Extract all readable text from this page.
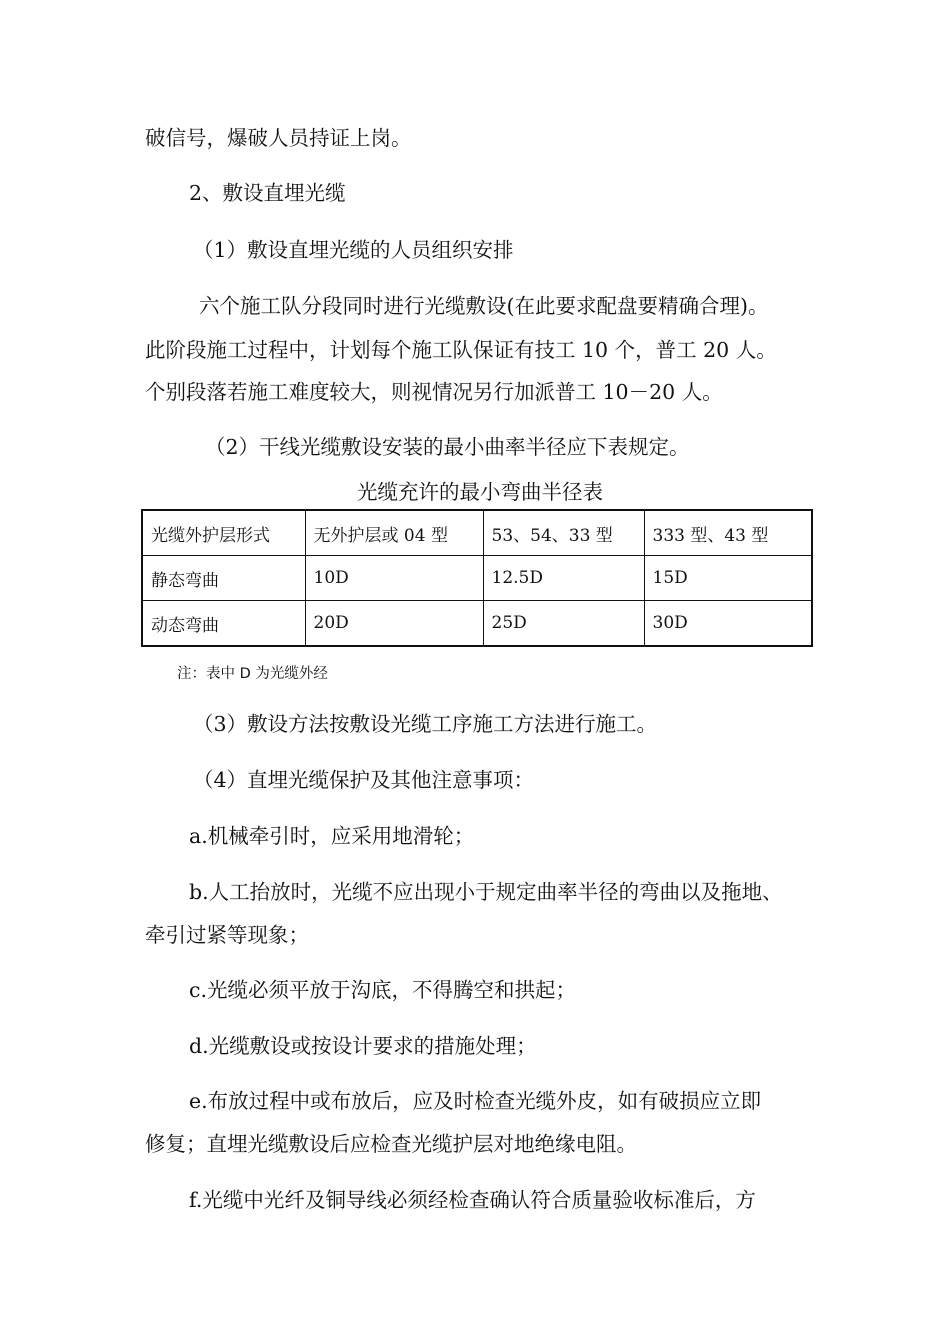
破信号，爆破人员持证上岗。
2、敷设直埋光缆
（1）敷设直埋光缆的人员组织安排
六个施工队分段同时进行光缆敷设(在此要求配盘要精确合理)。
此阶段施工过程中，计划每个施工队保证有技工 10 个，普工 20 人。
个别段落若施工难度较大，则视情况另行加派普工 10－20 人。
（2）干线光缆敷设安装的最小曲率半径应下表规定。
光缆充许的最小弯曲半径表
光缆外护层形式	无外护层或 04 型	53、54、33 型	333 型、43 型
静态弯曲	10D	12.5D	15D
动态弯曲	20D	25D	30D
注：表中 D 为光缆外经
（3）敷设方法按敷设光缆工序施工方法进行施工。
（4）直埋光缆保护及其他注意事项：
a.机械牵引时，应采用地滑轮；
b.人工抬放时，光缆不应出现小于规定曲率半径的弯曲以及拖地、
牵引过紧等现象；
c.光缆必须平放于沟底，不得腾空和拱起；
d.光缆敷设或按设计要求的措施处理；
e.布放过程中或布放后，应及时检查光缆外皮，如有破损应立即
修复；直埋光缆敷设后应检查光缆护层对地绝缘电阻。
f.光缆中光纤及铜导线必须经检查确认符合质量验收标准后，方
